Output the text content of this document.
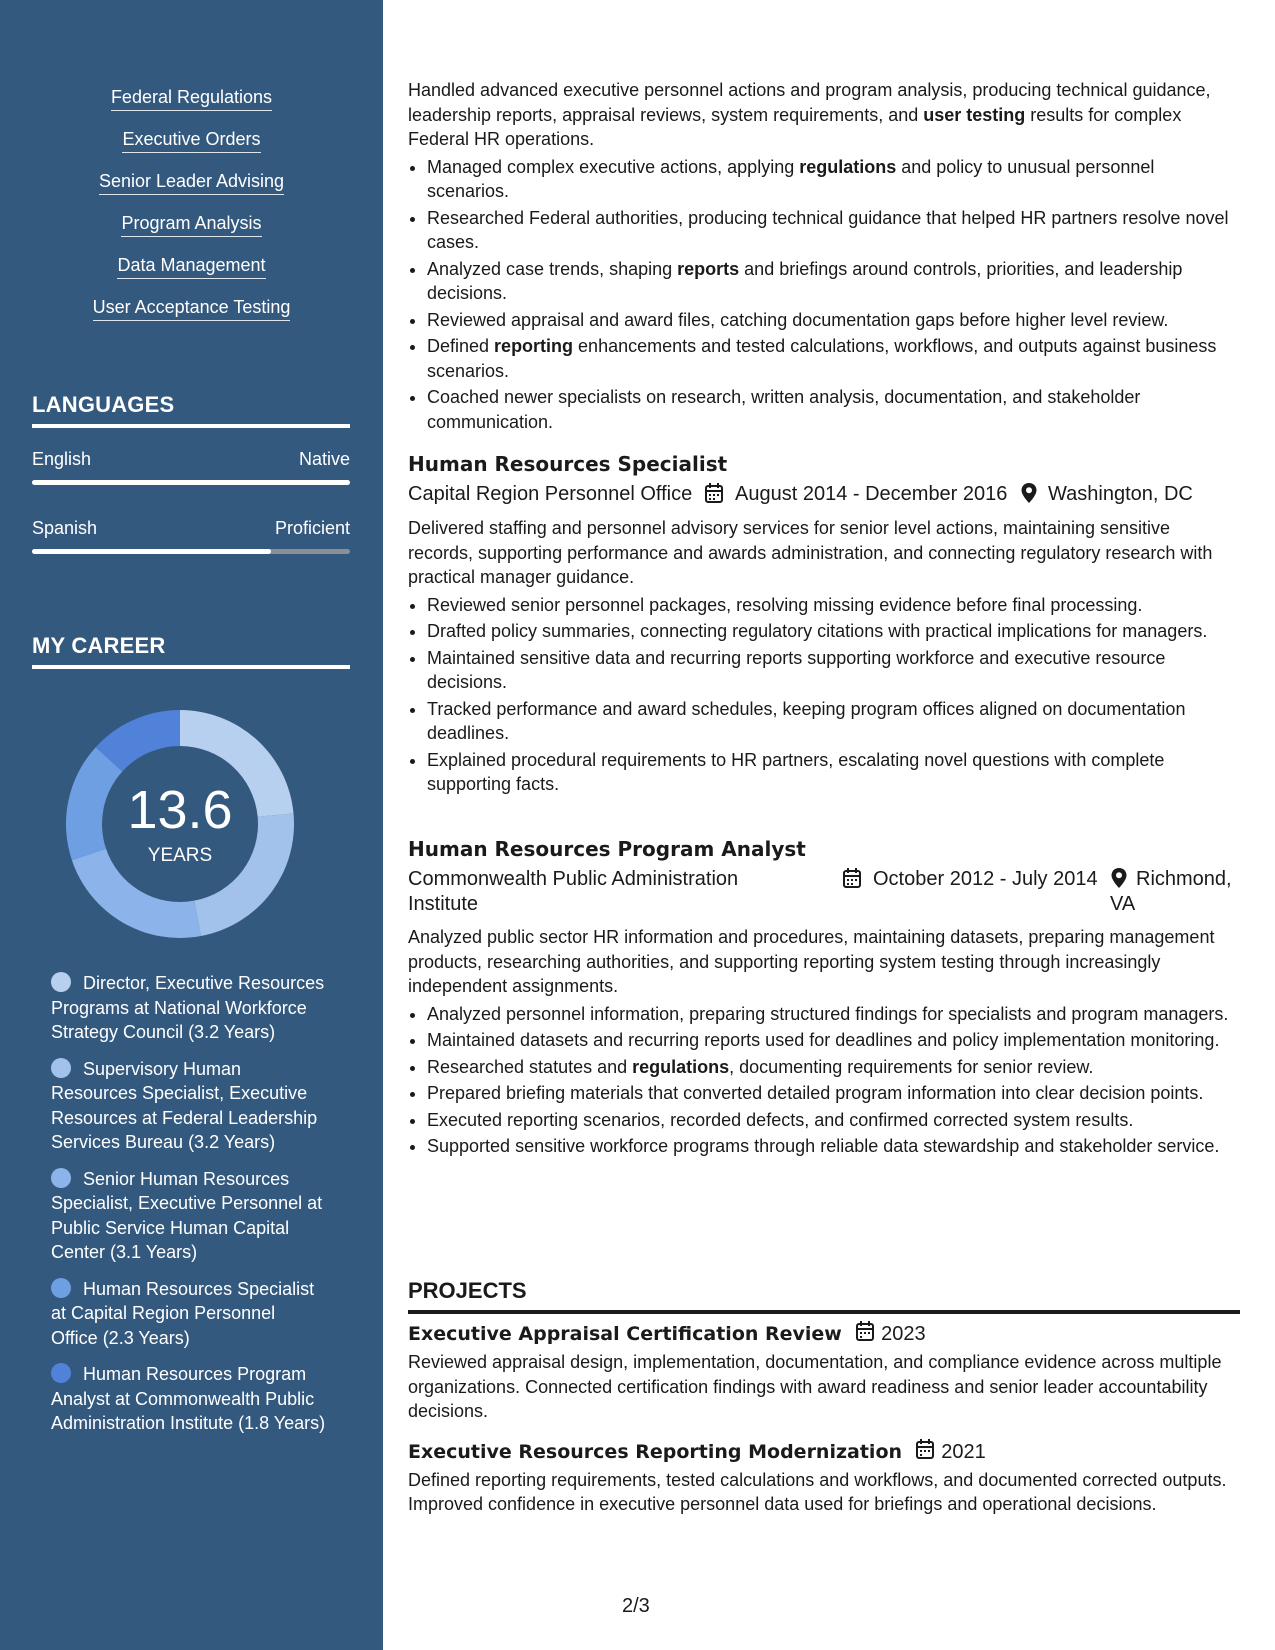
Federal Regulations
Executive Orders
Senior Leader Advising
Program Analysis
Data Management
User Acceptance Testing
LANGUAGES
English	Native
Spanish	Proficient
MY CAREER
13.6
YEARS
Director, Executive Resources Programs at National Workforce Strategy Council (3.2 Years)
Supervisory Human Resources Specialist, Executive Resources at Federal Leadership Services Bureau (3.2 Years)
Senior Human Resources Specialist, Executive Personnel at Public Service Human Capital Center (3.1 Years)
Human Resources Specialist at Capital Region Personnel Office (2.3 Years)
Human Resources Program Analyst at Commonwealth Public Administration Institute (1.8 Years)

Handled advanced executive personnel actions and program analysis, producing technical guidance, leadership reports, appraisal reviews, system requirements, and user testing results for complex Federal HR operations.

• Managed complex executive actions, applying regulations and policy to unusual personnel scenarios.
• Researched Federal authorities, producing technical guidance that helped HR partners resolve novel cases.
• Analyzed case trends, shaping reports and briefings around controls, priorities, and leadership decisions.
• Reviewed appraisal and award files, catching documentation gaps before higher level review.
• Defined reporting enhancements and tested calculations, workflows, and outputs against business scenarios.
• Coached newer specialists on research, written analysis, documentation, and stakeholder communication.
Human Resources Specialist
Capital Region Personnel Office August 2014 - December 2016 Washington, DC

Delivered staffing and personnel advisory services for senior level actions, maintaining sensitive records, supporting performance and awards administration, and connecting regulatory research with practical manager guidance.

• Reviewed senior personnel packages, resolving missing evidence before final processing.
• Drafted policy summaries, connecting regulatory citations with practical implications for managers.
• Maintained sensitive data and recurring reports supporting workforce and executive resource decisions.
• Tracked performance and award schedules, keeping program offices aligned on documentation deadlines.
• Explained procedural requirements to HR partners, escalating novel questions with complete supporting facts.
Human Resources Program Analyst
Commonwealth Public Administration
Institute
October 2012 - July 2014 Richmond,
VA

Analyzed public sector HR information and procedures, maintaining datasets, preparing management products, researching authorities, and supporting reporting system testing through increasingly independent assignments.

• Analyzed personnel information, preparing structured findings for specialists and program managers.
• Maintained datasets and recurring reports used for deadlines and policy implementation monitoring.
• Researched statutes and regulations, documenting requirements for senior review.
• Prepared briefing materials that converted detailed program information into clear decision points.
• Executed reporting scenarios, recorded defects, and confirmed corrected system results.
• Supported sensitive workforce programs through reliable data stewardship and stakeholder service.
PROJECTS
Executive Appraisal Certification Review 2023

Reviewed appraisal design, implementation, documentation, and compliance evidence across multiple organizations. Connected certification findings with award readiness and senior leader accountability decisions.

Executive Resources Reporting Modernization 2021

Defined reporting requirements, tested calculations and workflows, and documented corrected outputs. Improved confidence in executive personnel data used for briefings and operational decisions.

2/3
